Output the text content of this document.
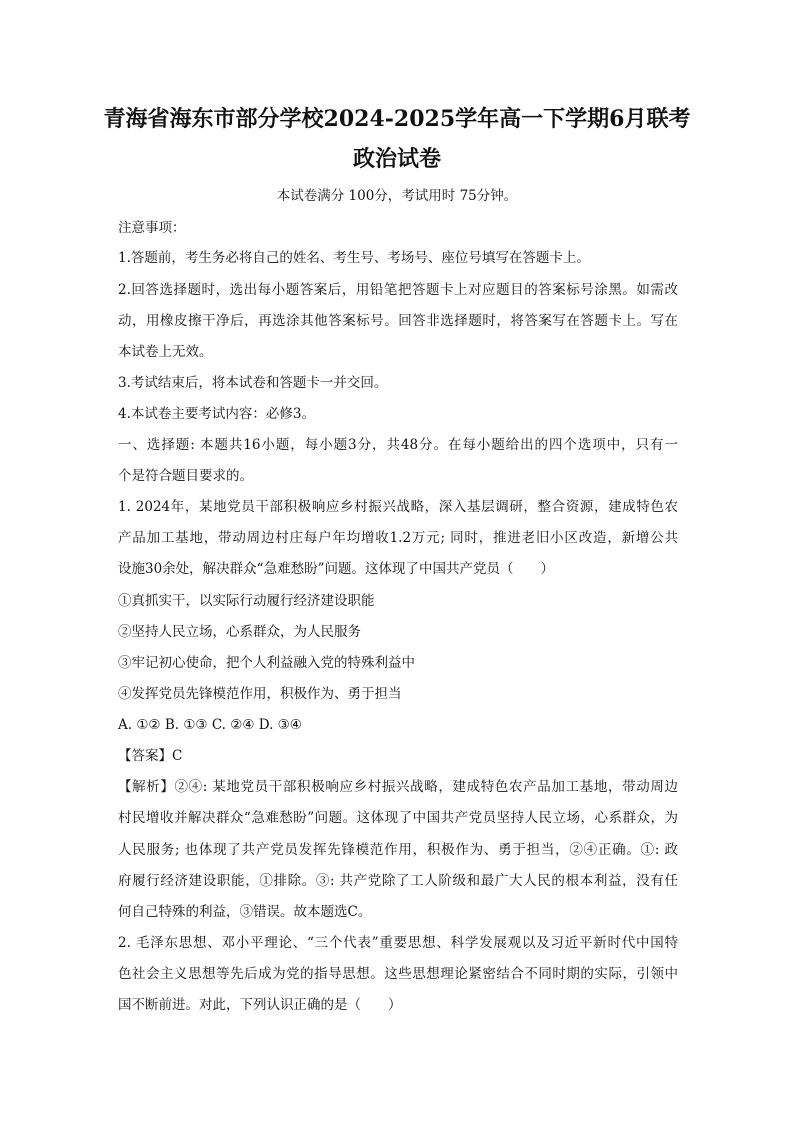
青海省海东市部分学校2024-2025学年高一下学期6月联考
政治试卷
本试卷满分 100分，考试用时 75分钟。
注意事项：
1.答题前，考生务必将自己的姓名、考生号、考场号、座位号填写在答题卡上。
2.回答选择题时，选出每小题答案后，用铅笔把答题卡上对应题目的答案标号涂黑。如需改
动，用橡皮擦干净后，再选涂其他答案标号。回答非选择题时，将答案写在答题卡上。写在
本试卷上无效。
3.考试结束后，将本试卷和答题卡一并交回。
4.本试卷主要考试内容：必修3。
一、选择题: 本题共16小题，每小题3分，共48分。在每小题给出的四个选项中，只有一
个是符合题目要求的。
1. 2024年，某地党员干部积极响应乡村振兴战略，深入基层调研，整合资源，建成特色农
产品加工基地，带动周边村庄每户年均增收1.2万元; 同时，推进老旧小区改造，新增公共
设施30余处，解决群众“急难愁盼”问题。这体现了中国共产党员（　　）
①真抓实干，以实际行动履行经济建设职能
②坚持人民立场，心系群众，为人民服务
③牢记初心使命，把个人利益融入党的特殊利益中
④发挥党员先锋模范作用，积极作为、勇于担当
A. ①② B. ①③ C. ②④ D. ③④
【答案】C
【解析】②④: 某地党员干部积极响应乡村振兴战略，建成特色农产品加工基地，带动周边
村民增收并解决群众“急难愁盼”问题。这体现了中国共产党员坚持人民立场，心系群众，为
人民服务; 也体现了共产党员发挥先锋模范作用，积极作为、勇于担当，②④正确。①: 政
府履行经济建设职能，①排除。③: 共产党除了工人阶级和最广大人民的根本利益，没有任
何自己特殊的利益，③错误。故本题选C。
2. 毛泽东思想、邓小平理论、“三个代表”重要思想、科学发展观以及习近平新时代中国特
色社会主义思想等先后成为党的指导思想。这些思想理论紧密结合不同时期的实际，引领中
国不断前进。对此，下列认识正确的是（　　）
